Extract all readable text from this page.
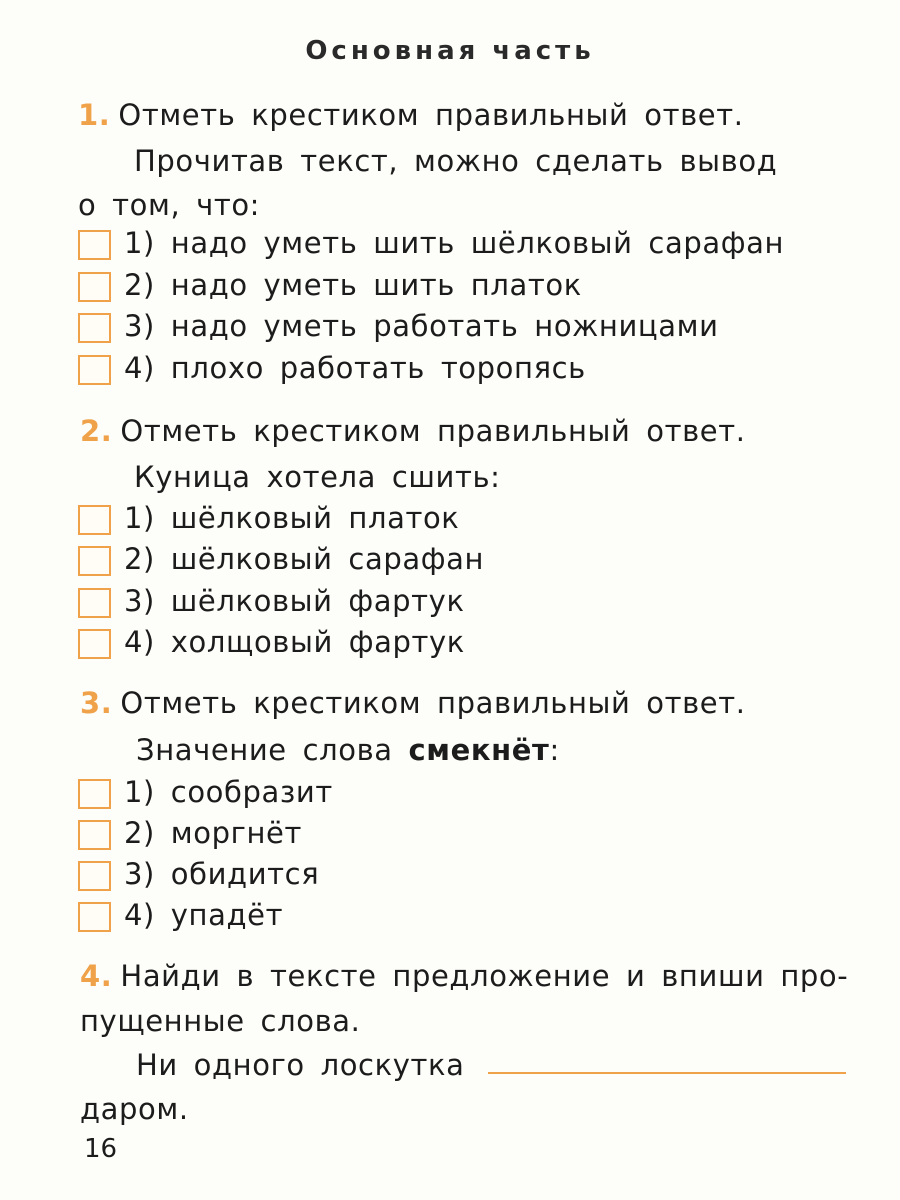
Основная часть
1. Отметь крестиком правильный ответ.
Прочитав текст, можно сделать вывод
о том, что:
1) надо уметь шить шёлковый сарафан
2) надо уметь шить платок
3) надо уметь работать ножницами
4) плохо работать торопясь
2. Отметь крестиком правильный ответ.
Куница хотела сшить:
1) шёлковый платок
2) шёлковый сарафан
3) шёлковый фартук
4) холщовый фартук
3. Отметь крестиком правильный ответ.
Значение слова смекнёт:
1) сообразит
2) моргнёт
3) обидится
4) упадёт
4. Найди в тексте предложение и впиши про-
пущенные слова.
Ни одного лоскутка
даром.
16
